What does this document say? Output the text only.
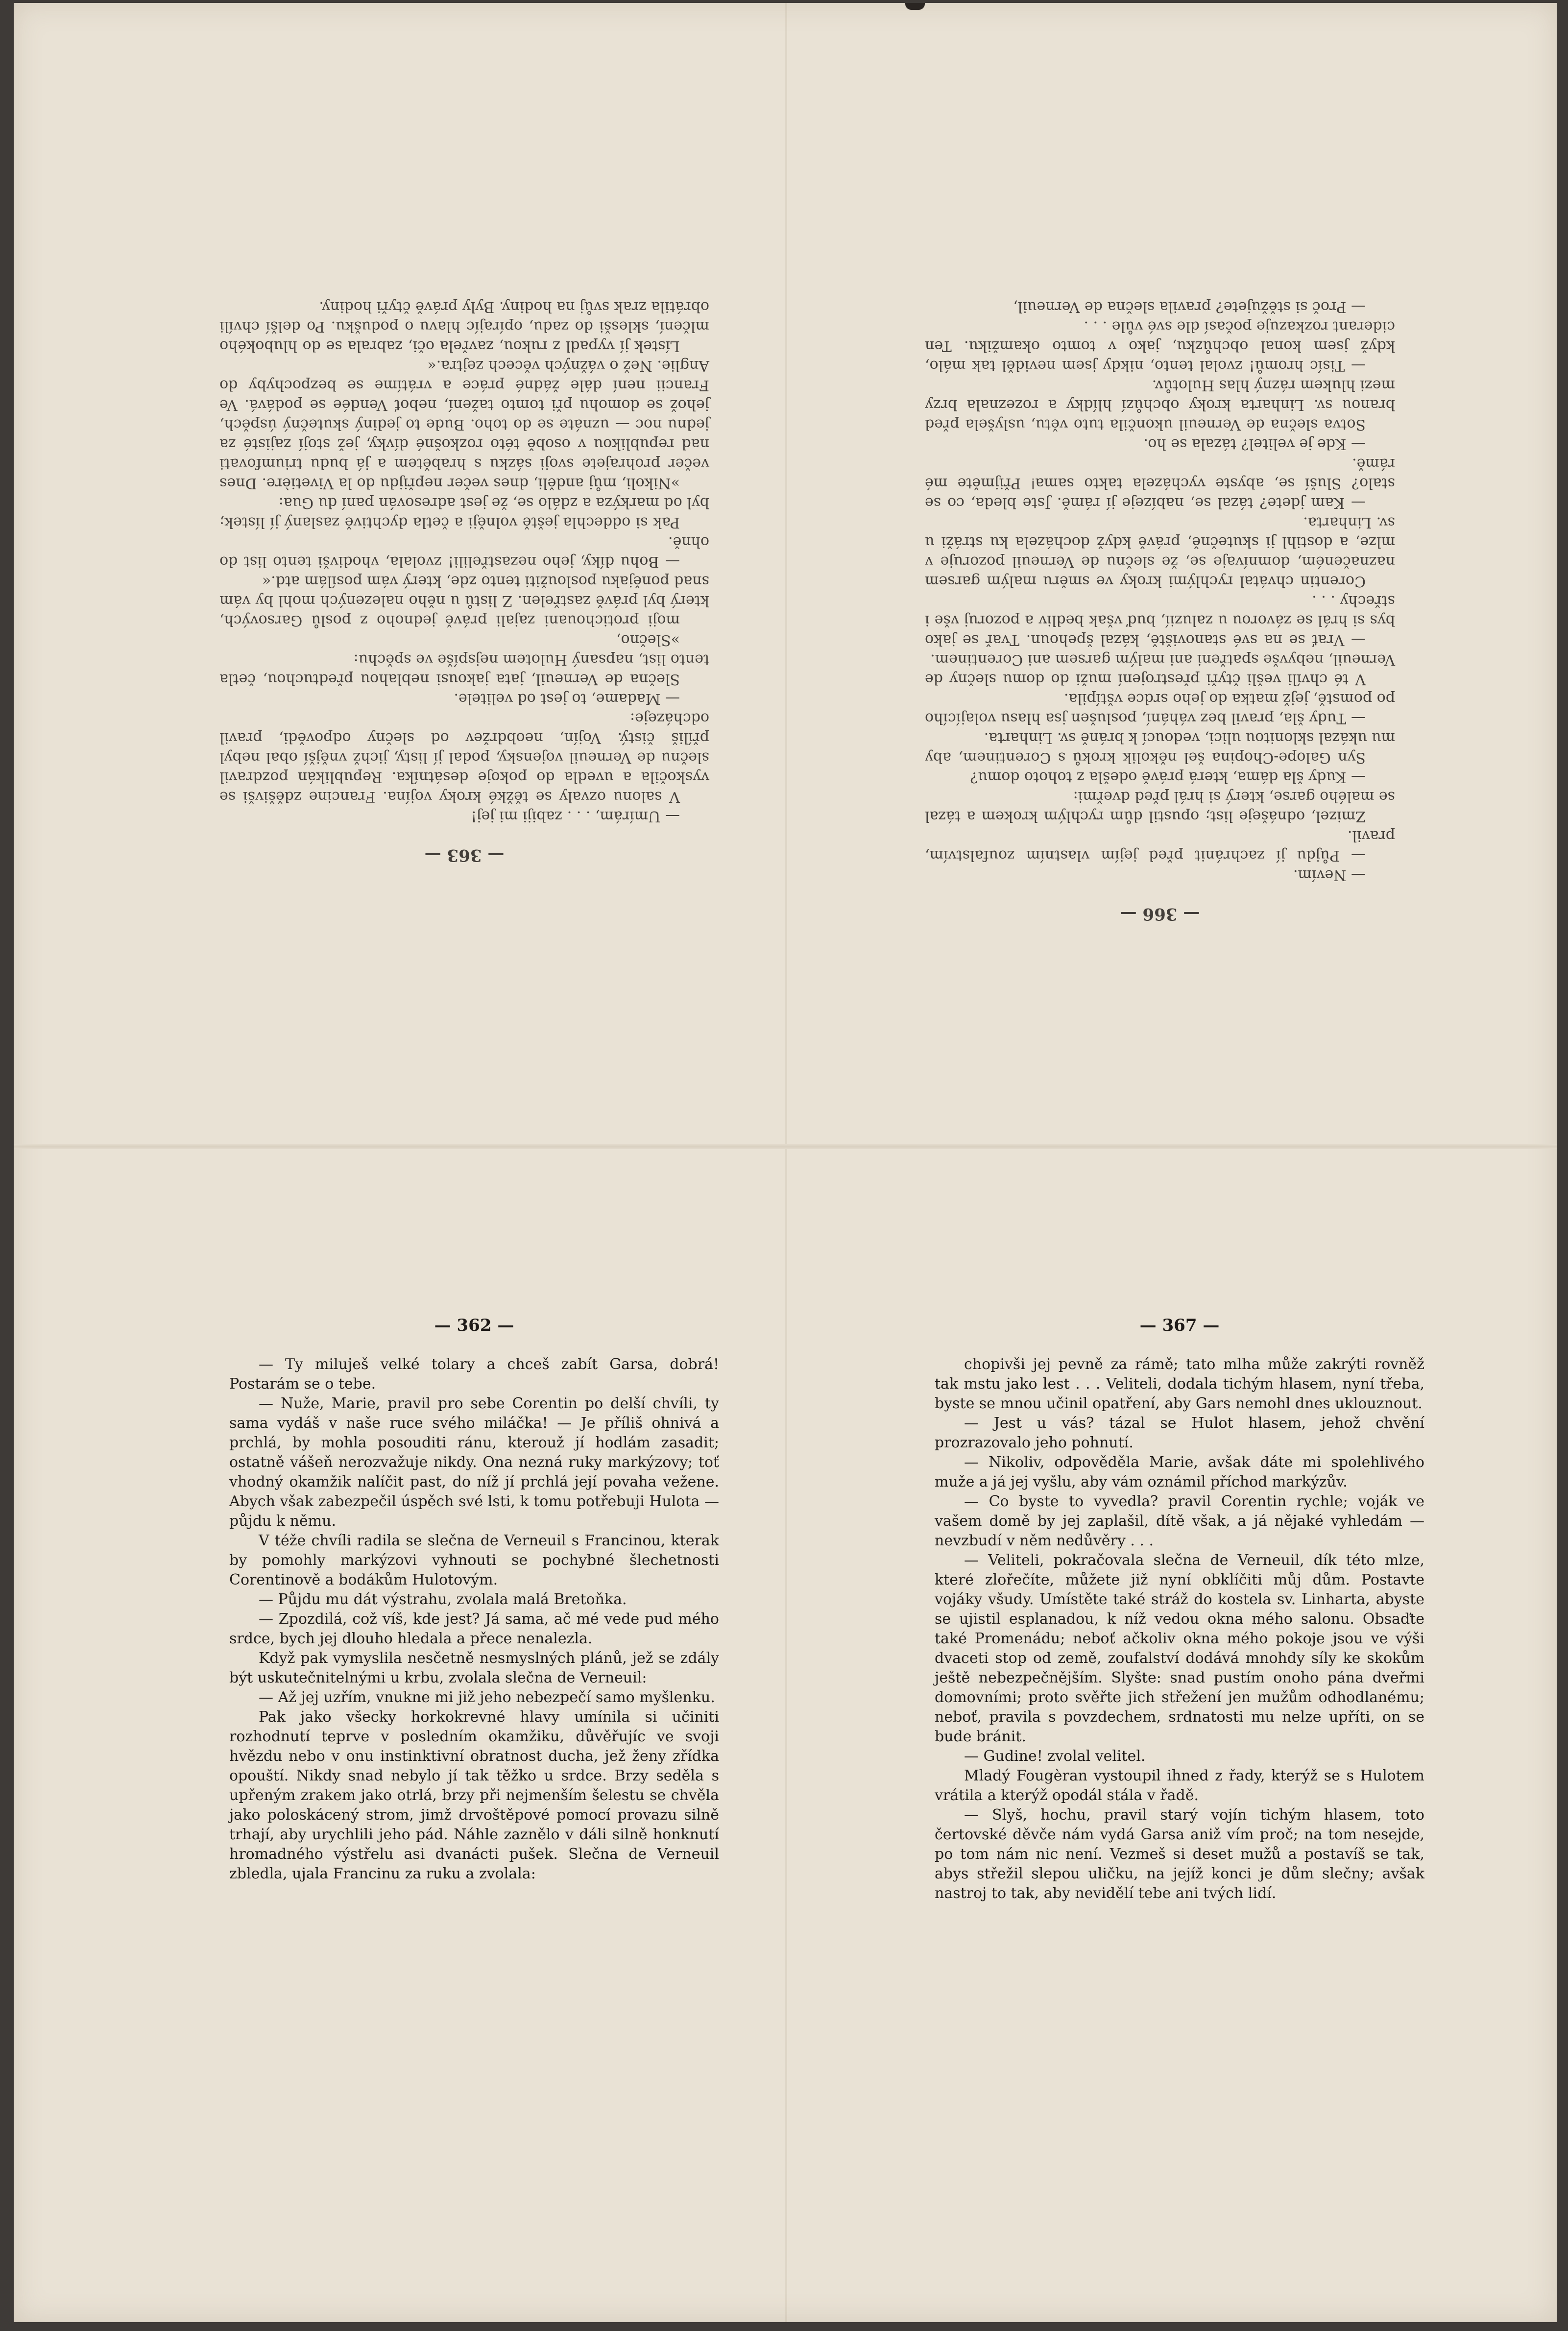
— 363 —

— Umírám, . . . zabiji mi jej!

V salonu ozvaly se těžké kroky vojína. Francine zděšivši se vyskočila a uvedla do pokoje desátníka. Republikán pozdravil slečnu de Verneuil vojensky, podal jí listy, jichž vnější obal nebyl příliš čistý. Vojín, neobdržev od slečny odpovědi, pravil odcházeje:

— Madame, to jest od velitele.

Slečna de Verneuil, jata jakousi neblahou předtuchou, četla tento list, napsaný Hulotem nejspíše ve spěchu:

»Slečno,

moji protichouani zajali právě jednoho z poslů Garsových, který byl právě zastřelen. Z listů u něho nalezených mohl by vám snad ponějaku posloužiti tento zde, který vám posílám atd.«

— Bohu díky, jeho nezastřelili! zvolala, vhodivši tento list do ohně.

Pak si oddechla ještě volněji a četla dychtivě zaslaný jí lístek; byl od markýza a zdálo se, že jest adresován paní du Gua:

»Nikoli, můj anděli, dnes večer nepřijdu do la Vivetière. Dnes večer prohrajete svoji sázku s hrabětem a já budu triumfovati nad republikou v osobě této rozkošné dívky, jež stojí zajisté za jednu noc — uznáte se do toho. Bude to jediný skutečný úspěch, jehož se domohu při tomto tažení, neboť Vendée se podává. Ve Francii není dále žádné práce a vrátíme se bezpochyby do Anglie. Než o vážných věcech zejtra.«

Lístek jí vypadl z rukou, zavřela oči, zabrala se do hlubokého mlčení, sklesši do zadu, opírajíc hlavu o podušku. Po delší chvíli obrátila zrak svůj na hodiny. Byly právě čtyři hodiny.

— 366 —

— Nevím.

— Půjdu jí zachránit před jejím vlastním zoufalstvím, pravil.

Zmizel, odnášeje list; opustil dům rychlým krokem a tázal se malého garse, který si hrál před dveřmi:

— Kudy šla dáma, která právě odešla z tohoto domu?

Syn Galope-Chopina šel několik kroků s Corentinem, aby mu ukázal sklonitou ulici, vedoucí k bráně sv. Linharta.

— Tudy šla, pravil bez váhání, poslušen jsa hlasu volajícího po pomstě, jejž matka do jeho srdce vštípila.

V té chvíli vešli čtyři přestrojení muži do domu slečny de Verneuil, nebyvše spatřeni ani malým garsem ani Corentinem.

— Vrať se na své stanoviště, kázal špehoun. Tvař se jako bys si hrál se závorou u zaluzií, buď však bedliv a pozoruj vše i střechy . . .

Corentin chvátal rychlými kroky ve směru malým garsem naznačeném, domnívaje se, že slečnu de Verneuil pozoruje v mlze, a dostihl ji skutečně, právě když docházela ku stráži u sv. Linharta.

— Kam jdete? tázal se, nabízeje jí rámě. Jste bleda, co se stalo? Sluší se, abyste vycházela takto samaǃ Přijměte mé rámě.

— Kde je velitel? tázala se ho.

Sotva slečna de Verneuil ukončila tuto větu, uslyšela před branou sv. Linharta kroky obchůzí hlídky a rozeznala brzy mezi hlukem rázný hlas Hulotův.

— Tisíc hromů! zvolal tento, nikdy jsem neviděl tak málo, když jsem konal obchůzku, jako v tomto okamžiku. Ten ciderant rozkazuje počasí dle své vůle . . .

— Proč si stěžujete? pravila slečna de Verneuil,

— 362 —

— Ty miluješ velké tolary a chceš zabít Garsa, dobrá! Postarám se o tebe.

— Nuže, Marie, pravil pro sebe Corentin po delší chvíli, ty sama vydáš v naše ruce svého miláčka! — Je příliš ohnivá a prchlá, by mohla posouditi ránu, kterouž jí hodlám zasadit; ostatně vášeň nerozvažuje nikdy. Ona nezná ruky markýzovy; toť vhodný okamžik nalíčit past, do níž jí prchlá její povaha vežene. Abych však zabezpečil úspěch své lsti, k tomu potřebuji Hulota — půjdu k němu.

V téže chvíli radila se slečna de Verneuil s Francinou, kterak by pomohly markýzovi vyhnouti se pochybné šlechetnosti Corentinově a bodákům Hulotovým.

— Půjdu mu dát výstrahu, zvolala malá Bretoňka.

— Zpozdilá, což víš, kde jest? Já sama, ač mé vede pud mého srdce, bych jej dlouho hledala a přece nenalezla.

Když pak vymyslila nesčetně nesmyslných plánů, jež se zdály být uskutečnitelnými u krbu, zvolala slečna de Verneuil:

— Až jej uzřím, vnukne mi již jeho nebezpečí samo myšlenku.

Pak jako všecky horkokrevné hlavy umínila si učiniti rozhodnutí teprve v posledním okamžiku, důvěřujíc ve svoji hvězdu nebo v onu instinktivní obratnost ducha, jež ženy zřídka opouští. Nikdy snad nebylo jí tak těžko u srdce. Brzy seděla s upřeným zrakem jako otrlá, brzy při nejmenším šelestu se chvěla jako poloskácený strom, jimž drvoštěpové pomocí provazu silně trhají, aby urychlili jeho pád. Náhle zaznělo v dáli silně honknutí hromadného výstřelu asi dvanácti pušek. Slečna de Verneuil zbledla, ujala Francinu za ruku a zvolala:

— 367 —

chopivši jej pevně za rámě; tato mlha může zakrýti rovněž tak mstu jako lest . . . Veliteli, dodala tichým hlasem, nyní třeba, byste se mnou učinil opatření, aby Gars nemohl dnes uklouznout.

— Jest u vás? tázal se Hulot hlasem, jehož chvění prozrazovalo jeho pohnutí.

— Nikoliv, odpověděla Marie, avšak dáte mi spolehlivého muže a já jej vyšlu, aby vám oznámil příchod markýzův.

— Co byste to vyvedla? pravil Corentin rychle; voják ve vašem domě by jej zaplašil, dítě však, a já nějaké vyhledám — nevzbudí v něm nedůvěry . . .

— Veliteli, pokračovala slečna de Verneuil, dík této mlze, které zlořečíte, můžete již nyní obklíčiti můj dům. Postavte vojáky všudy. Umístěte také stráž do kostela sv. Linharta, abyste se ujistil esplanadou, k níž vedou okna mého salonu. Obsaďte také Promenádu; neboť ačkoliv okna mého pokoje jsou ve výši dvaceti stop od země, zoufalství dodává mnohdy síly ke skokům ještě nebezpečnějším. Slyšte: snad pustím onoho pána dveřmi domovními; proto svěřte jich střežení jen mužům odhodlanému; neboť, pravila s povzdechem, srdnatosti mu nelze upříti, on se bude bránit.

— Gudine! zvolal velitel.

Mladý Fougèran vystoupil ihned z řady, kterýž se s Hulotem vrátila a kterýž opodál stála v řadě.

— Slyš, hochu, pravil starý vojín tichým hlasem, toto čertovské děvče nám vydá Garsa aniž vím proč; na tom nesejde, po tom nám nic není. Vezmeš si deset mužů a postavíš se tak, abys střežil slepou uličku, na jejíž konci je dům slečny; avšak nastroj to tak, aby nevidělí tebe ani tvých lidí.
